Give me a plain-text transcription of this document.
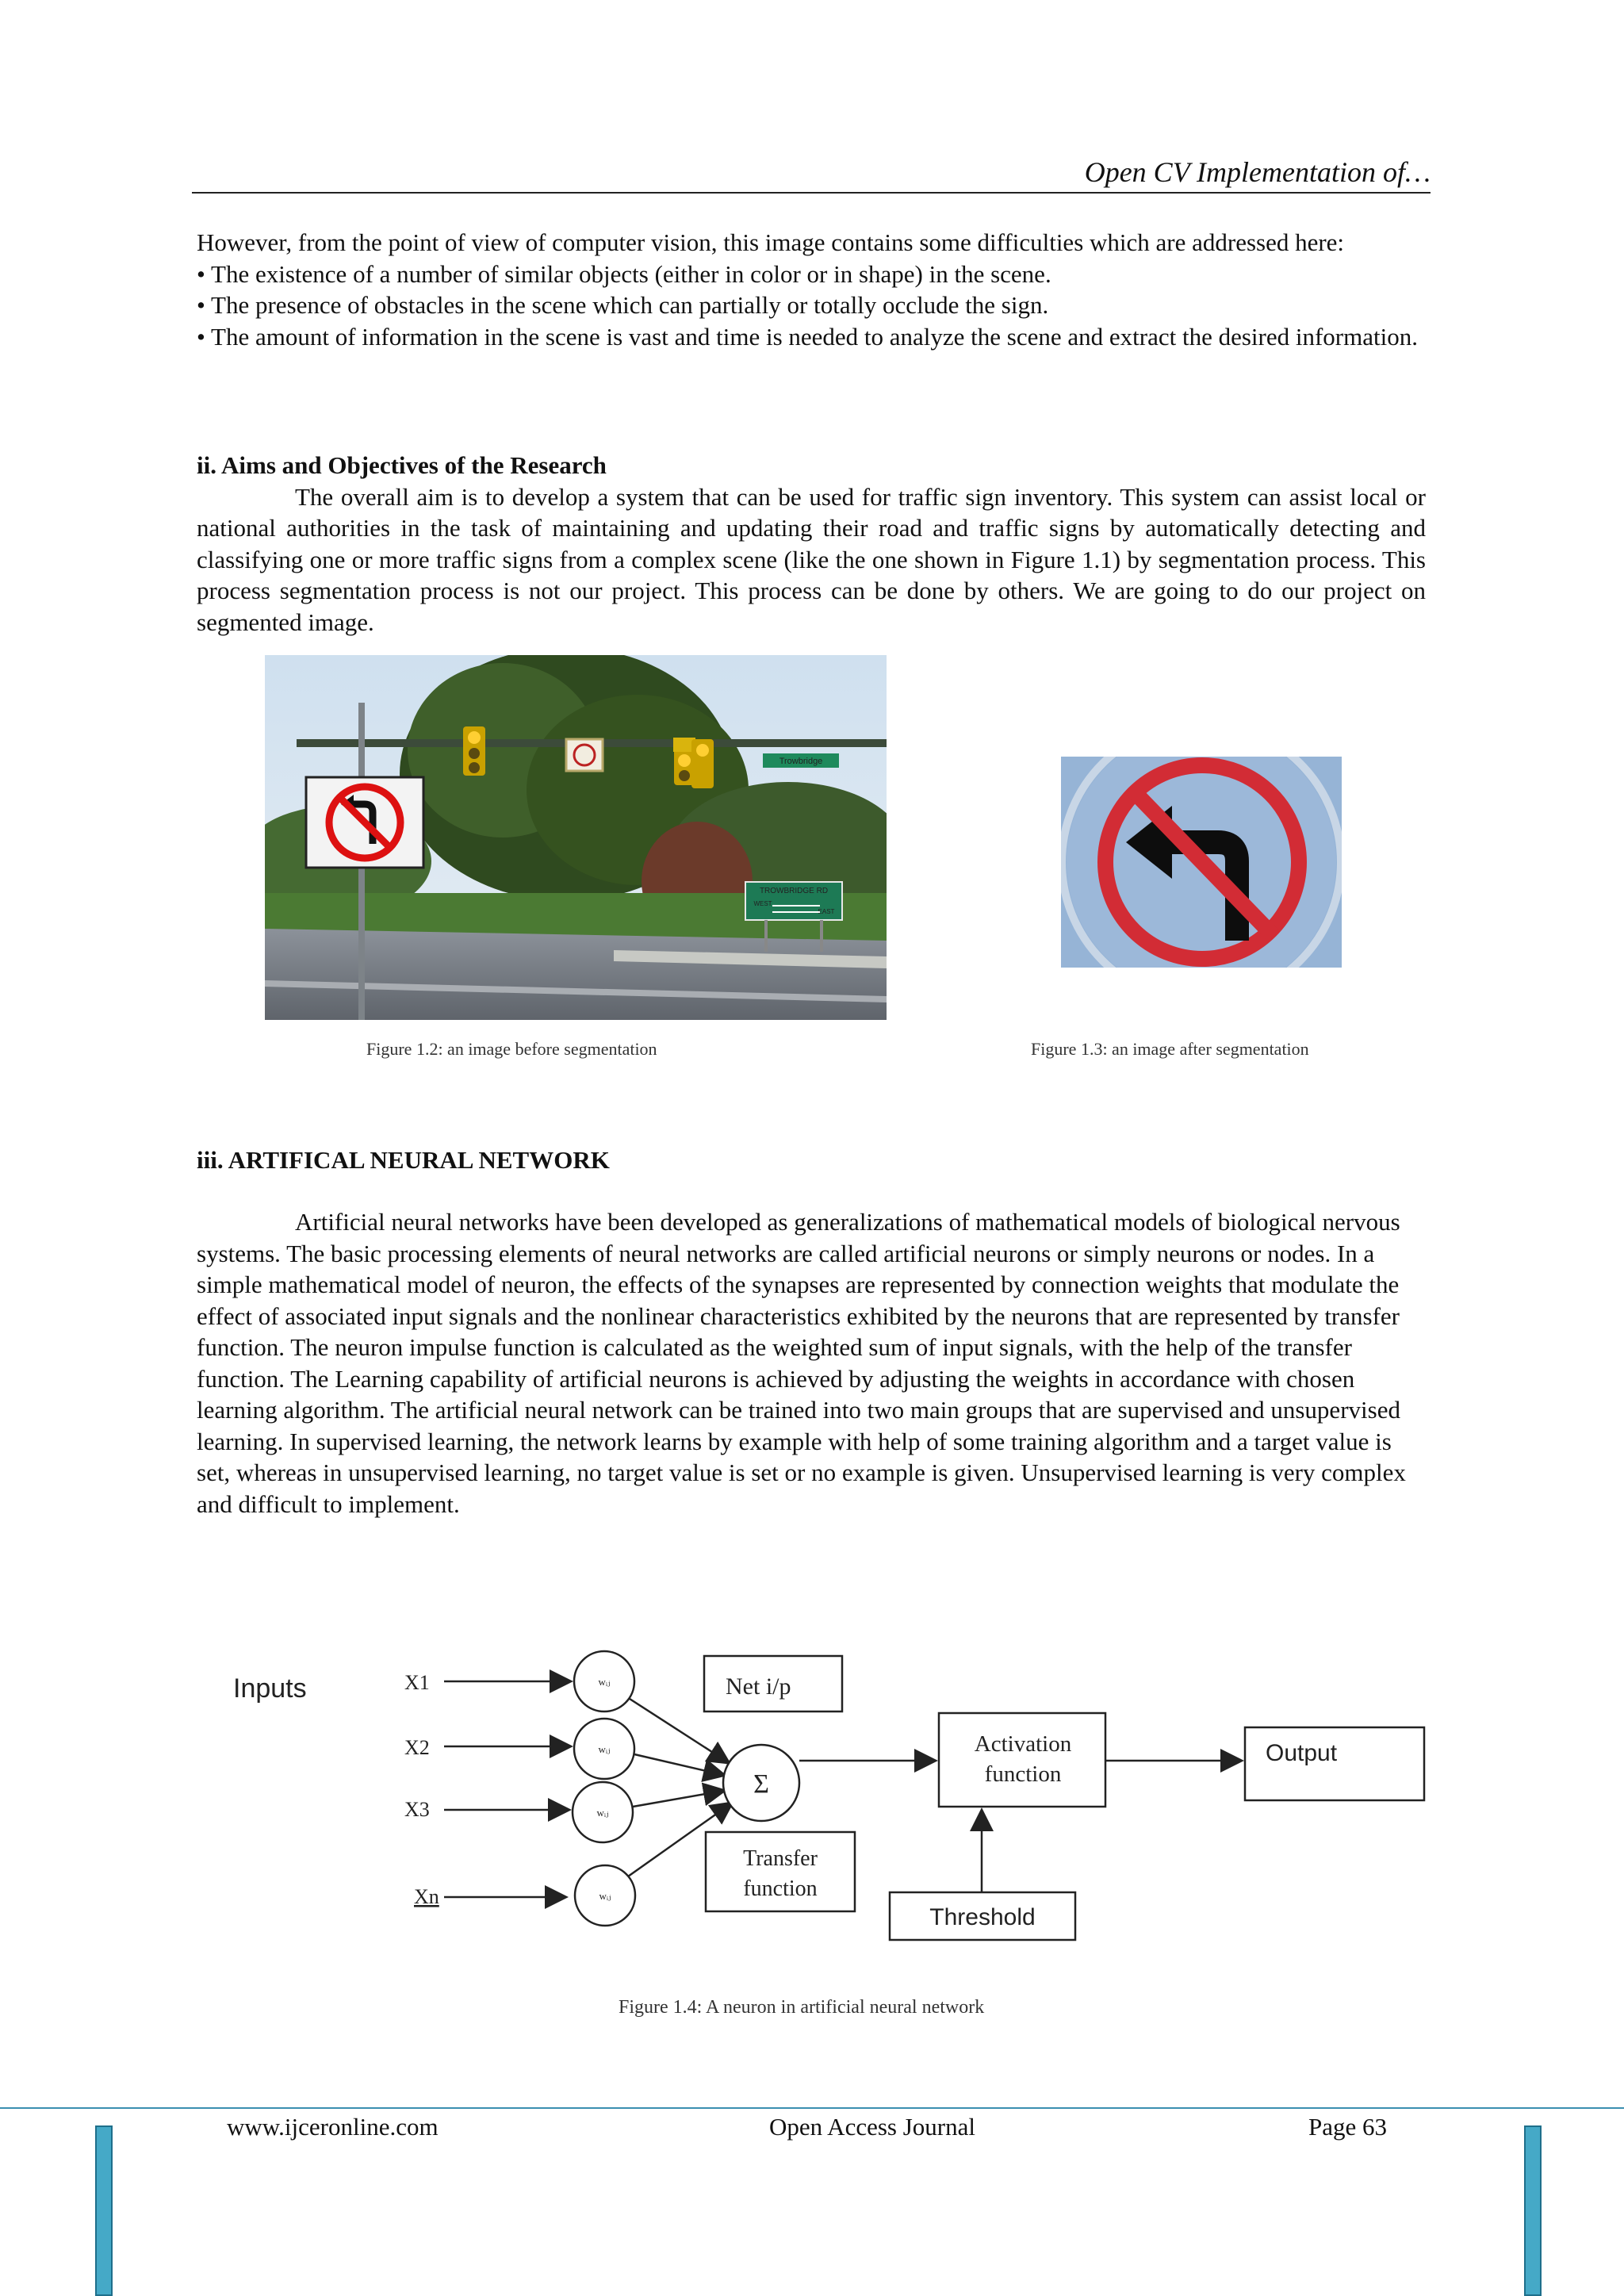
Open CV Implementation of…

However, from the point of view of computer vision, this image contains some difficulties which are addressed here:

• The existence of a number of similar objects (either in color or in shape) in the scene.

• The presence of obstacles in the scene which can partially or totally occlude the sign.

• The amount of information in the scene is vast and time is needed to analyze the scene and extract the desired information.

ii. Aims and Objectives of the Research

The overall aim is to develop a system that can be used for traffic sign inventory. This system can assist local or national authorities in the task of maintaining and updating their road and traffic signs by automatically detecting and classifying one or more traffic signs from a complex scene (like the one shown in Figure 1.1) by segmentation process. This process segmentation process is not our project. This process can be done by others. We are going to do our project on segmented image.

Trowbridge
TROWBRIDGE RD
WEST
EAST
Figure 1.2: an image before segmentation	Figure 1.3: an image after segmentation

iii. ARTIFICAL NEURAL NETWORK

Artificial neural networks have been developed as generalizations of mathematical models of biological nervous systems. The basic processing elements of neural networks are called artificial neurons or simply neurons or nodes. In a simple mathematical model of neuron, the effects of the synapses are represented by connection weights that modulate the effect of associated input signals and the nonlinear characteristics exhibited by the neurons that are represented by transfer function. The neuron impulse function is calculated as the weighted sum of input signals, with the help of the transfer function. The Learning capability of artificial neurons is achieved by adjusting the weights in accordance with chosen learning algorithm. The artificial neural network can be trained into two main groups that are supervised and unsupervised learning. In supervised learning, the network learns by example with help of some training algorithm and a target value is set, whereas in unsupervised learning, no target value is set or no example is given. Unsupervised learning is very complex and difficult to implement.

Inputs	X1
X2
X3
Xn
wᵢⱼ
wᵢⱼ
wᵢⱼ
wᵢⱼ
Σ
Net i/p
Transfer
function
Activation
function
Output
Threshold
Figure 1.4: A neuron in artificial neural network
www.ijceronline.com	Open Access Journal	Page 63
